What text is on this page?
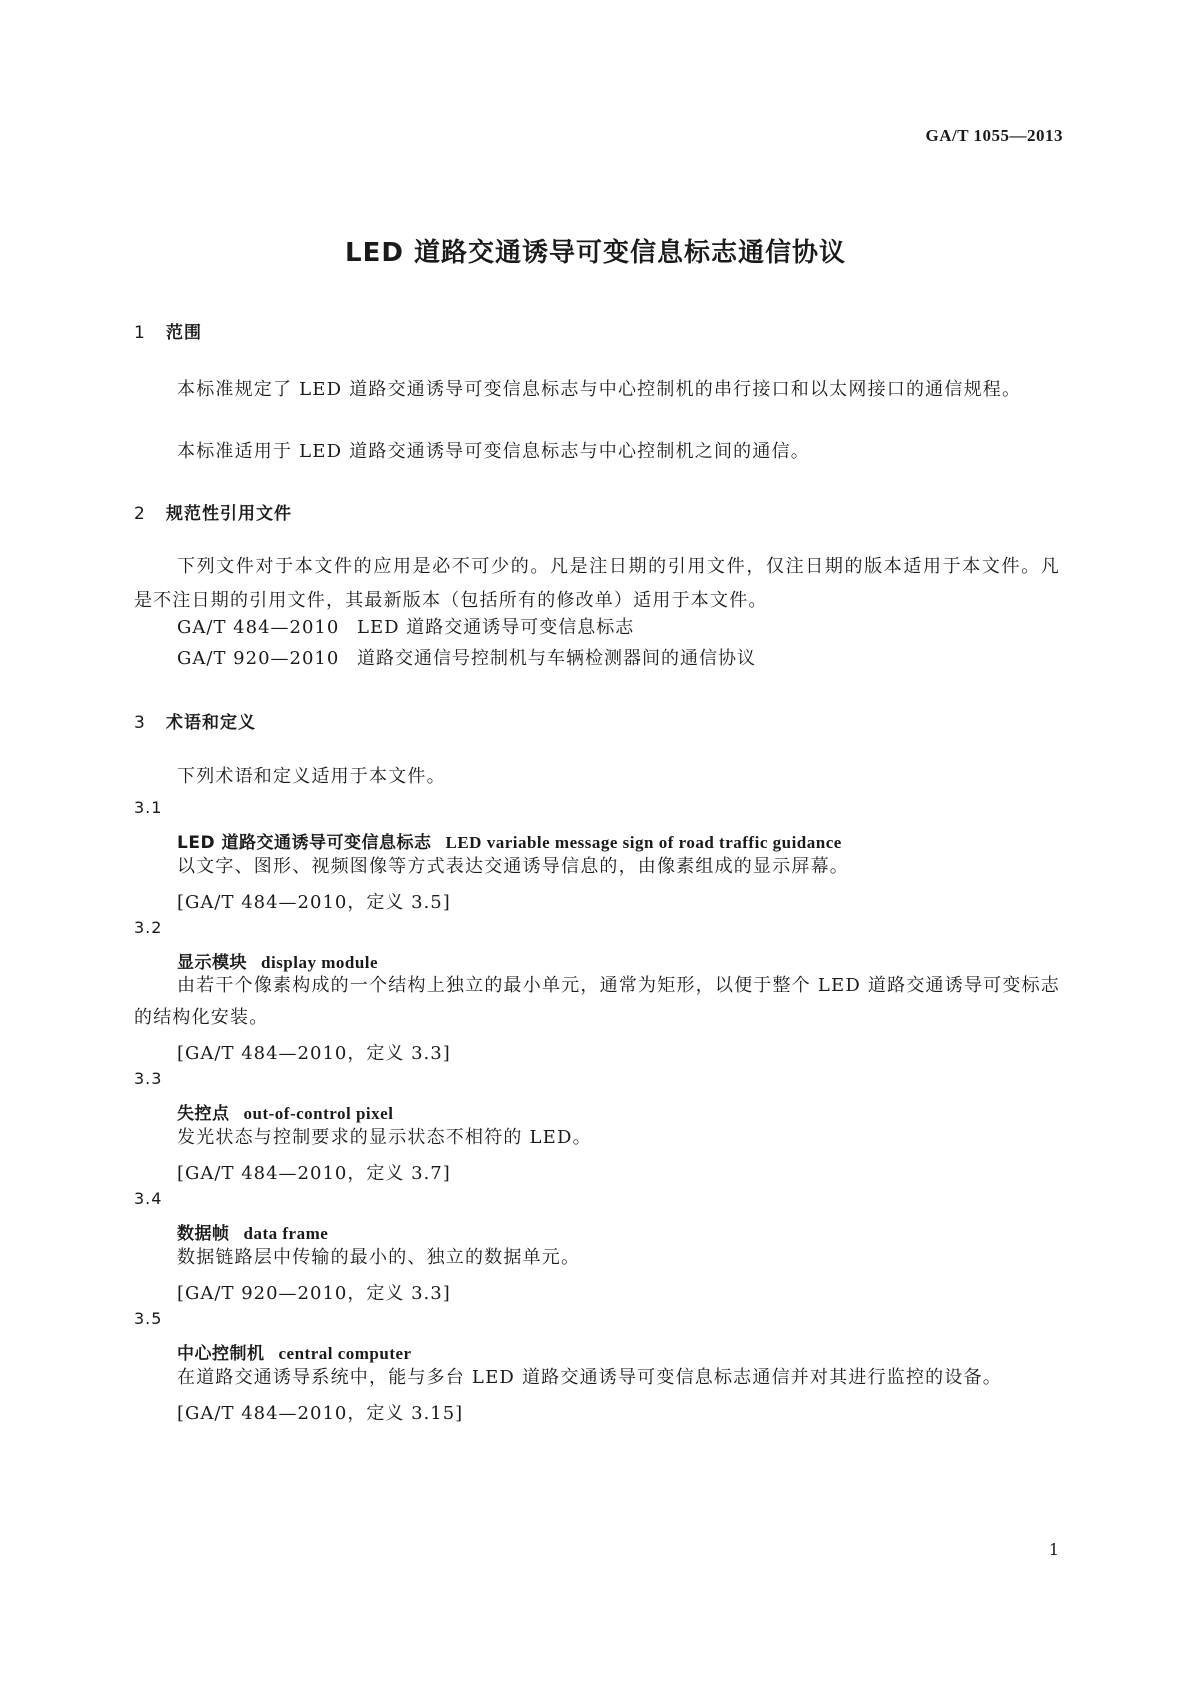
GA/T 1055—2013
LED 道路交通诱导可变信息标志通信协议
1 范围

本标准规定了 LED 道路交通诱导可变信息标志与中心控制机的串行接口和以太网接口的通信规程。

本标准适用于 LED 道路交通诱导可变信息标志与中心控制机之间的通信。

2 规范性引用文件

下列文件对于本文件的应用是必不可少的。凡是注日期的引用文件，仅注日期的版本适用于本文件。凡是不注日期的引用文件，其最新版本（包括所有的修改单）适用于本文件。

GA/T 484—2010 LED 道路交通诱导可变信息标志

GA/T 920—2010 道路交通信号控制机与车辆检测器间的通信协议

3 术语和定义

下列术语和定义适用于本文件。

3.1
LED 道路交通诱导可变信息标志 LED variable message sign of road traffic guidance

以文字、图形、视频图像等方式表达交通诱导信息的，由像素组成的显示屏幕。

[GA/T 484—2010，定义 3.5]
3.2
显示模块 display module

由若干个像素构成的一个结构上独立的最小单元，通常为矩形，以便于整个 LED 道路交通诱导可变标志的结构化安装。

[GA/T 484—2010，定义 3.3]
3.3
失控点 out-of-control pixel

发光状态与控制要求的显示状态不相符的 LED。

[GA/T 484—2010，定义 3.7]
3.4
数据帧 data frame

数据链路层中传输的最小的、独立的数据单元。

[GA/T 920—2010，定义 3.3]
3.5
中心控制机 central computer

在道路交通诱导系统中，能与多台 LED 道路交通诱导可变信息标志通信并对其进行监控的设备。

[GA/T 484—2010，定义 3.15]
1
